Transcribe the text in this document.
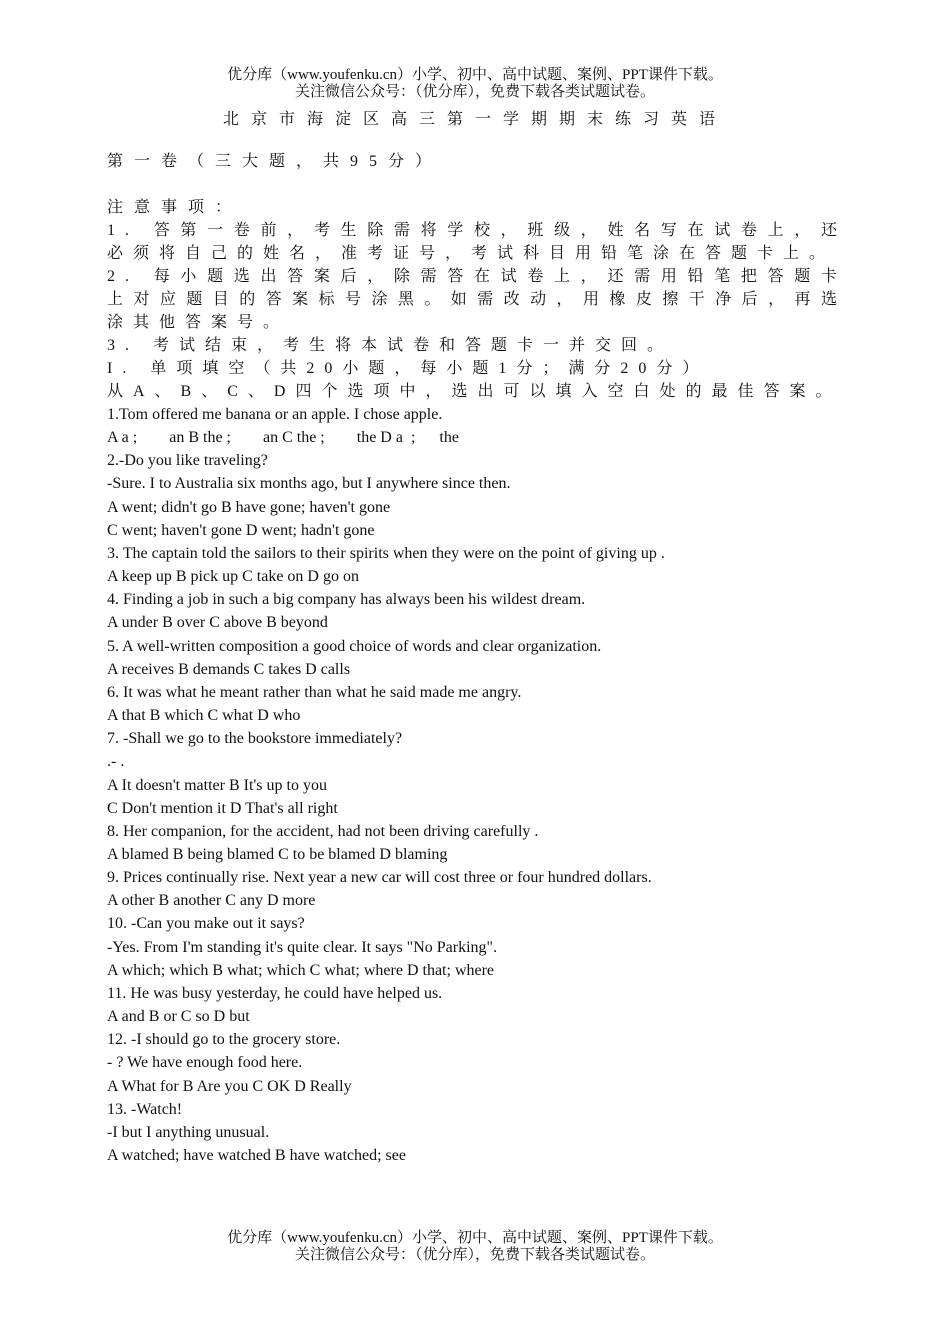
优分库（www.youfenku.cn）小学、初中、高中试题、案例、PPT课件下载。
关注微信公众号：（优分库），免费下载各类试题试卷。
北京市海淀区高三第一学期期末练习英语

第一卷（三大题，共95分）

注意事项：

1. 答第一卷前，考生除需将学校，班级，姓名写在试卷上，还必须将自己的姓名，准考证号，考试科目用铅笔涂在答题卡上。

2. 每小题选出答案后，除需答在试卷上，还需用铅笔把答题卡上对应题目的答案标号涂黑。如需改动，用橡皮擦干净后，再选涂其他答案号。

3. 考试结束，考生将本试卷和答题卡一并交回。

I. 单项填空（共20小题，每小题1分；满分20分）

从A、B、C、D四个选项中，选出可以填入空白处的最佳答案。

1.Tom offered me banana or an apple. I chose apple.

A a ;        an B the ;        an C the ;        the D a  ;      the

2.-Do you like traveling?

-Sure. I to Australia six months ago, but I anywhere since then.

A went; didn't go B have gone; haven't gone

C went; haven't gone D went; hadn't gone

3. The captain told the sailors to their spirits when they were on the point of giving up .

A keep up B pick up C take on D go on

4. Finding a job in such a big company has always been his wildest dream.

A under B over C above B beyond

5. A well-written composition a good choice of words and clear organization.

A receives B demands C takes D calls

6. It was what he meant rather than what he said made me angry.

A that B which C what D who

7. -Shall we go to the bookstore immediately?

.- .

A It doesn't matter B It's up to you

C Don't mention it D That's all right

8. Her companion, for the accident, had not been driving carefully .

A blamed B being blamed C to be blamed D blaming

9. Prices continually rise. Next year a new car will cost three or four hundred dollars.

A other B another C any D more

10. -Can you make out it says?

-Yes. From I'm standing it's quite clear. It says "No Parking".

A which; which B what; which C what; where D that; where

11. He was busy yesterday, he could have helped us.

A and B or C so D but

12. -I should go to the grocery store.

- ? We have enough food here.

A What for B Are you C OK D Really

13. -Watch!

-I but I anything unusual.

A watched; have watched B have watched; see

优分库（www.youfenku.cn）小学、初中、高中试题、案例、PPT课件下载。
关注微信公众号：（优分库），免费下载各类试题试卷。
